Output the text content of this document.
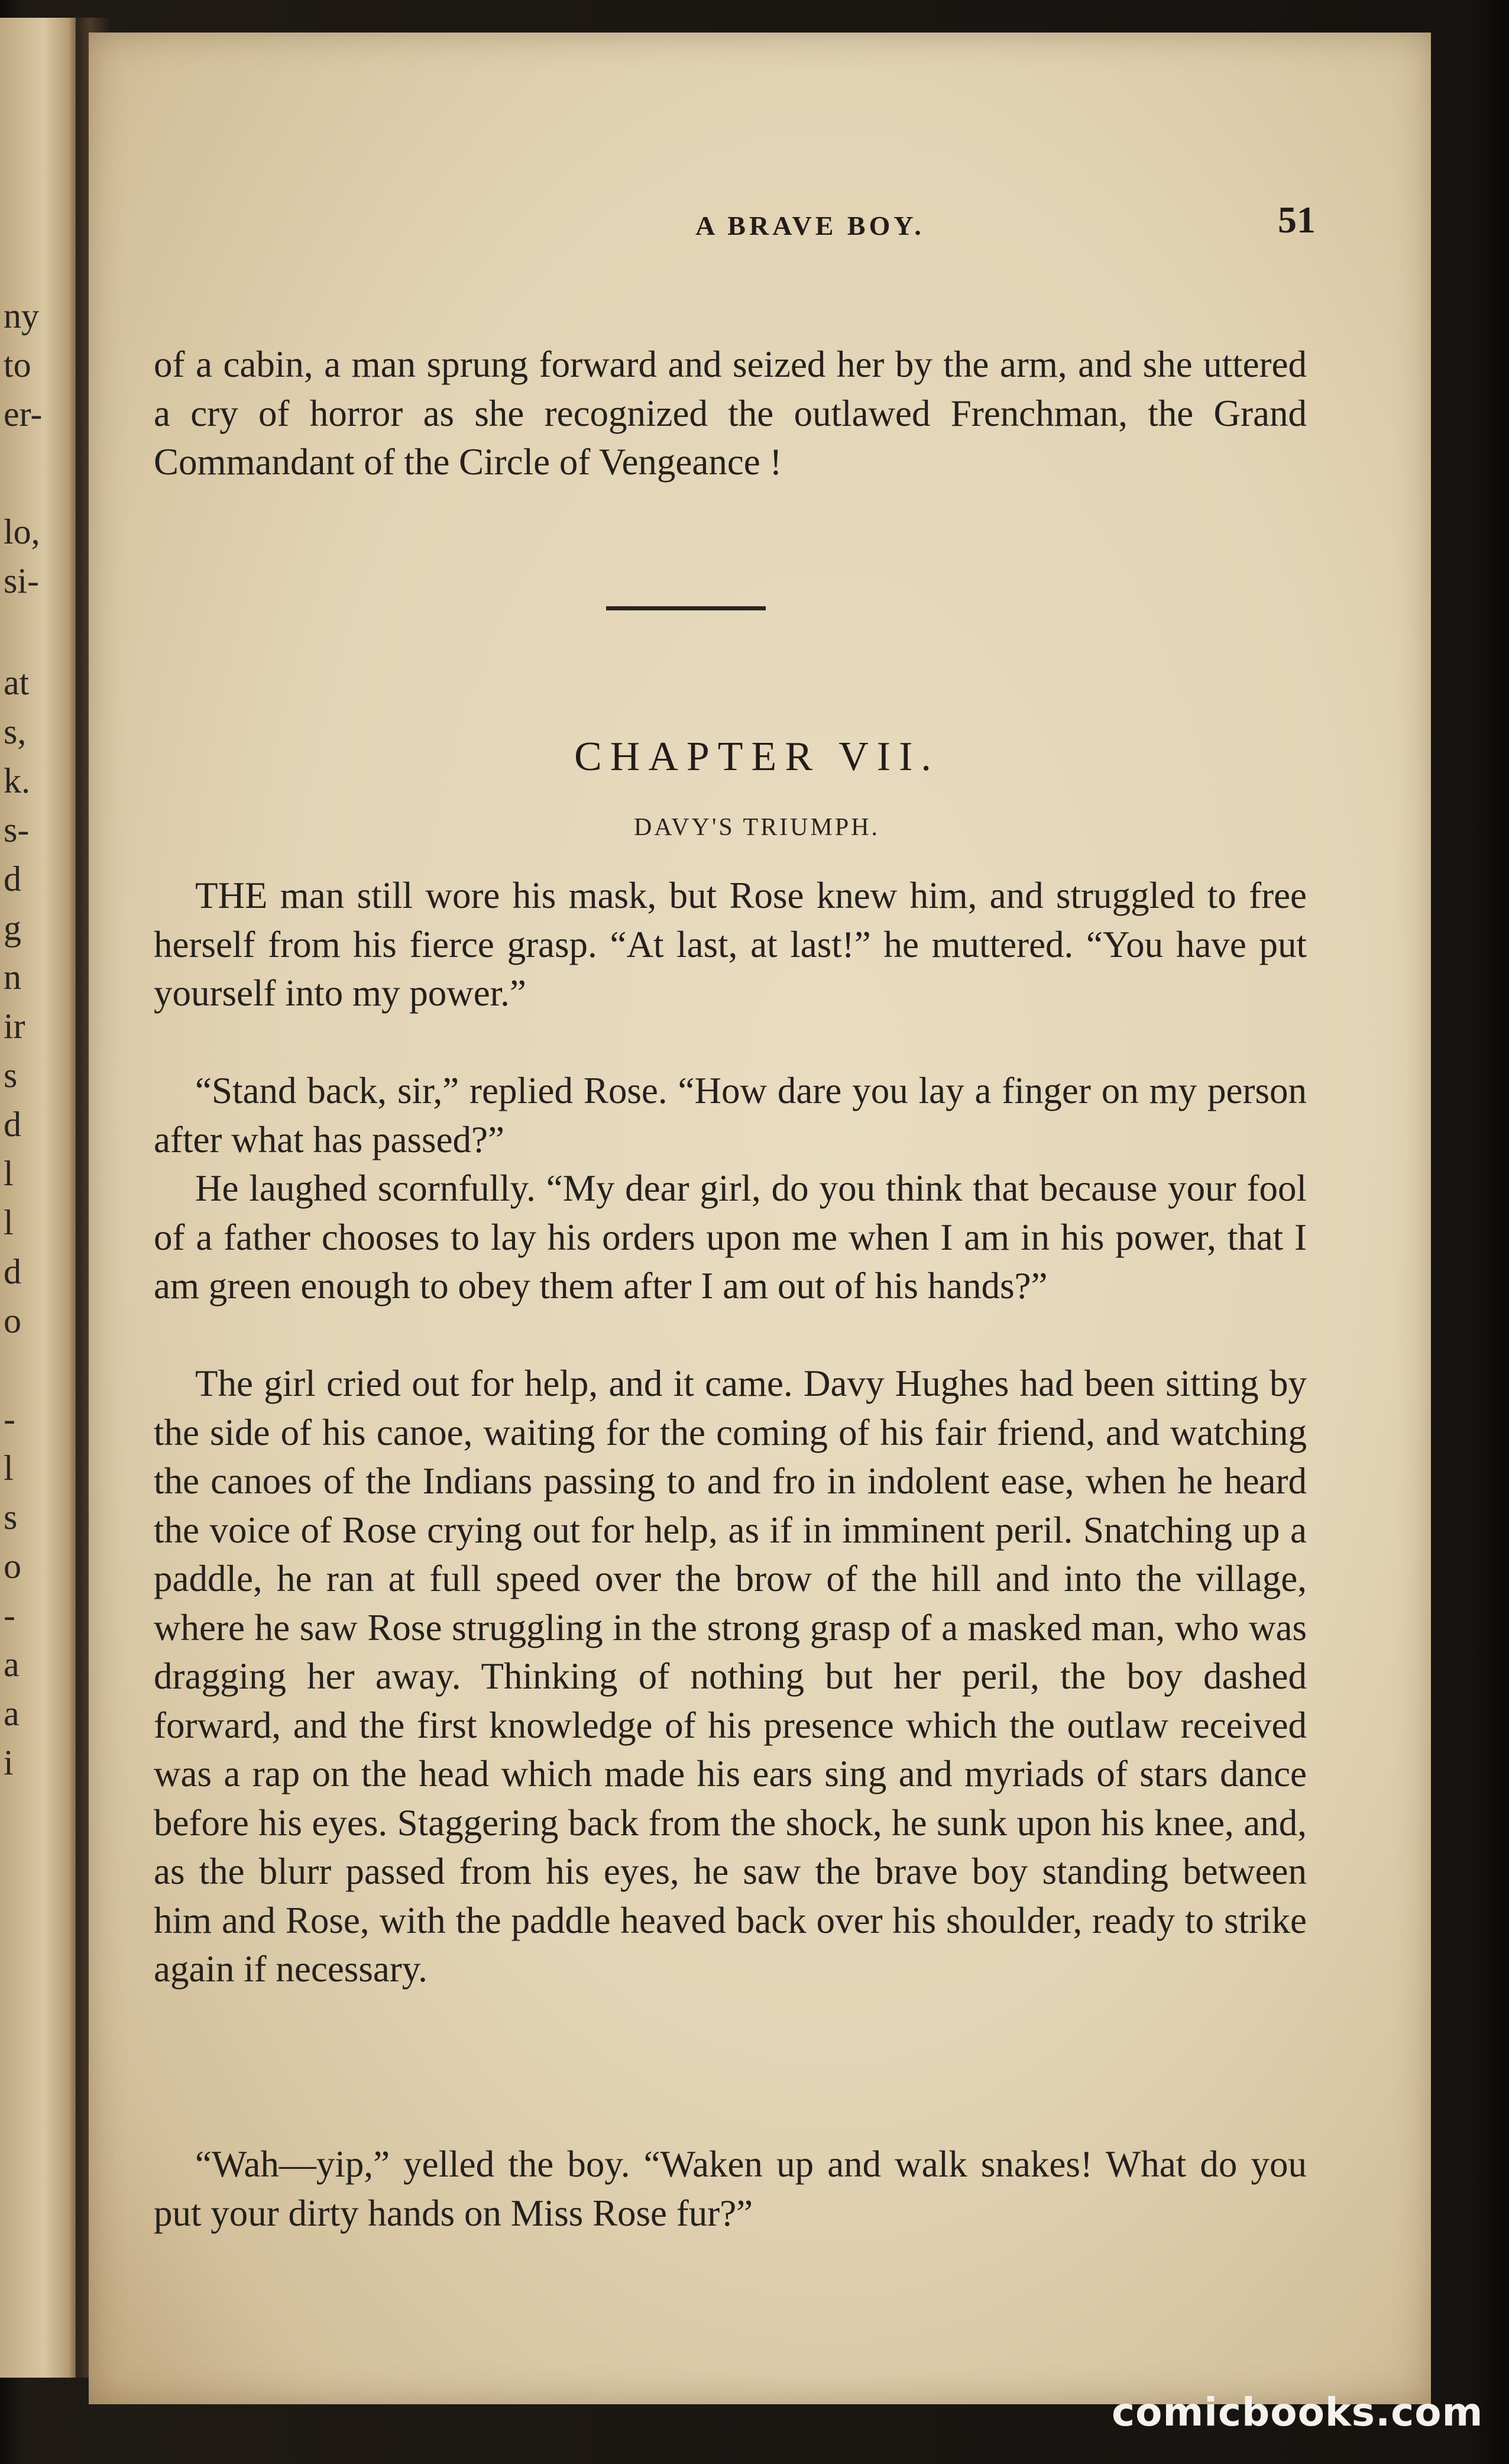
ny
to
er-
lo,
si-
at
s,
k.
s-
d
g
n
ir
s
d
l
l
d
o
-
l
s
o
-
a
a
i
A BRAVE BOY.	51

of a cabin, a man sprung forward and seized her by the arm, and she uttered a cry of horror as she recognized the outlawed Frenchman, the Grand Commandant of the Circle of Vengeance !

CHAPTER VII.
DAVY'S TRIUMPH.

THE man still wore his mask, but Rose knew him, and struggled to free herself from his fierce grasp. “At last, at last!” he muttered. “You have put yourself into my power.”

“Stand back, sir,” replied Rose. “How dare you lay a finger on my person after what has passed?”

He laughed scornfully. “My dear girl, do you think that because your fool of a father chooses to lay his orders upon me when I am in his power, that I am green enough to obey them after I am out of his hands?”

The girl cried out for help, and it came. Davy Hughes had been sitting by the side of his canoe, waiting for the coming of his fair friend, and watching the canoes of the Indians passing to and fro in indolent ease, when he heard the voice of Rose crying out for help, as if in imminent peril. Snatching up a paddle, he ran at full speed over the brow of the hill and into the village, where he saw Rose struggling in the strong grasp of a masked man, who was dragging her away. Thinking of nothing but her peril, the boy dashed forward, and the first knowledge of his presence which the outlaw received was a rap on the head which made his ears sing and myriads of stars dance before his eyes. Staggering back from the shock, he sunk upon his knee, and, as the blurr passed from his eyes, he saw the brave boy standing between him and Rose, with the paddle heaved back over his shoulder, ready to strike again if necessary.

“Wah—yip,” yelled the boy. “Waken up and walk snakes! What do you put your dirty hands on Miss Rose fur?”

comicbooks.com
